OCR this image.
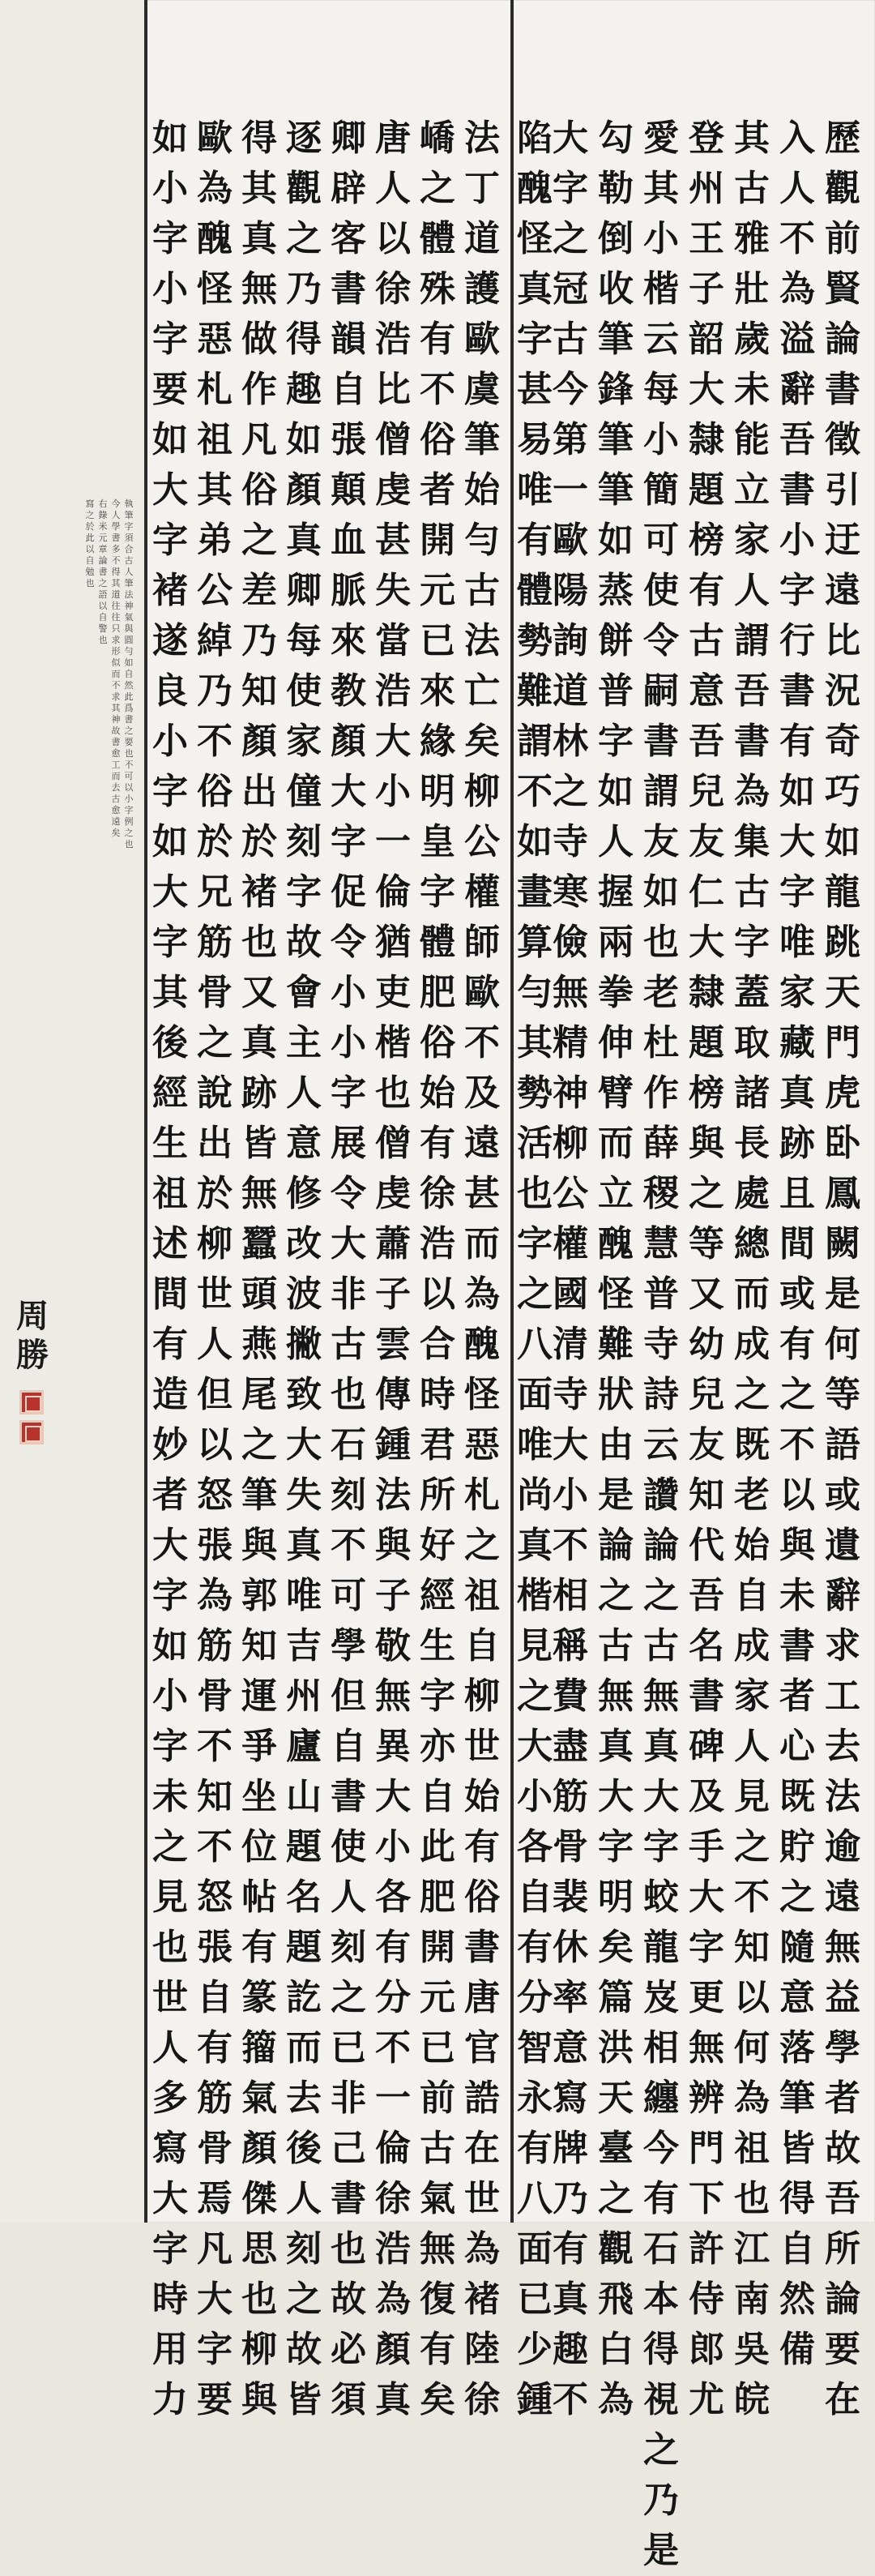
歷
觀
前
賢
論
書
徵
引
迂
遠
比
況
奇
巧
如
龍
跳
天
門
虎
卧
鳳
闕
是
何
等
語
或
遺
辭
求
工
去
法
逾
遠
無
益
學
者
故
吾
所
論
要
在
入
人
不
為
溢
辭
吾
書
小
字
行
書
有
如
大
字
唯
家
藏
真
跡
且
間
或
有
之
不
以
與
未
書
者
心
既
貯
之
隨
意
落
筆
皆
得
自
然
備
其
古
雅
壯
歲
未
能
立
家
人
謂
吾
書
為
集
古
字
蓋
取
諸
長
處
總
而
成
之
既
老
始
自
成
家
人
見
之
不
知
以
何
為
祖
也
江
南
吳
皖
登
州
王
子
韶
大
隸
題
榜
有
古
意
吾
兒
友
仁
大
隸
題
榜
與
之
等
又
幼
兒
友
知
代
吾
名
書
碑
及
手
大
字
更
無
辨
門
下
許
侍
郎
尤
愛
其
小
楷
云
每
小
簡
可
使
令
嗣
書
謂
友
如
也
老
杜
作
薛
稷
慧
普
寺
詩
云
讚
論
之
古
無
真
大
字
蛟
龍
岌
相
纏
今
有
石
本
得
視
之
乃
是
勾
勒
倒
收
筆
鋒
筆
筆
如
蒸
餅
普
字
如
人
握
兩
拳
伸
臂
而
立
醜
怪
難
狀
由
是
論
之
古
無
真
大
字
明
矣
篇
洪
天
臺
之
觀
飛
白
為
大
字
之
冠
古
今
第
一
歐
陽
詢
道
林
之
寺
寒
儉
無
精
神
柳
公
權
國
清
寺
大
小
不
相
稱
費
盡
筋
骨
裴
休
率
意
寫
牌
乃
有
真
趣
不
陷
醜
怪
真
字
甚
易
唯
有
體
勢
難
謂
不
如
畫
算
勻
其
勢
活
也
字
之
八
面
唯
尚
真
楷
見
之
大
小
各
自
有
分
智
永
有
八
面
已
少
鍾
法
丁
道
護
歐
虞
筆
始
勻
古
法
亡
矣
柳
公
權
師
歐
不
及
遠
甚
而
為
醜
怪
惡
札
之
祖
自
柳
世
始
有
俗
書
唐
官
誥
在
世
為
褚
陸
徐
嶠
之
體
殊
有
不
俗
者
開
元
已
來
緣
明
皇
字
體
肥
俗
始
有
徐
浩
以
合
時
君
所
好
經
生
字
亦
自
此
肥
開
元
已
前
古
氣
無
復
有
矣
唐
人
以
徐
浩
比
僧
虔
甚
失
當
浩
大
小
一
倫
猶
吏
楷
也
僧
虔
蕭
子
雲
傳
鍾
法
與
子
敬
無
異
大
小
各
有
分
不
一
倫
徐
浩
為
顏
真
卿
辟
客
書
韻
自
張
顛
血
脈
來
教
顏
大
字
促
令
小
小
字
展
令
大
非
古
也
石
刻
不
可
學
但
自
書
使
人
刻
之
已
非
己
書
也
故
必
須
逐
觀
之
乃
得
趣
如
顏
真
卿
每
使
家
僮
刻
字
故
會
主
人
意
修
改
波
撇
致
大
失
真
唯
吉
州
廬
山
題
名
題
訖
而
去
後
人
刻
之
故
皆
得
其
真
無
做
作
凡
俗
之
差
乃
知
顏
出
於
褚
也
又
真
跡
皆
無
蠶
頭
燕
尾
之
筆
與
郭
知
運
爭
坐
位
帖
有
篆
籀
氣
顏
傑
思
也
柳
與
歐
為
醜
怪
惡
札
祖
其
弟
公
綽
乃
不
俗
於
兄
筋
骨
之
說
出
於
柳
世
人
但
以
怒
張
為
筋
骨
不
知
不
怒
張
自
有
筋
骨
焉
凡
大
字
要
如
小
字
小
字
要
如
大
字
褚
遂
良
小
字
如
大
字
其
後
經
生
祖
述
間
有
造
妙
者
大
字
如
小
字
未
之
見
也
世
人
多
寫
大
字
時
用
力
執
筆
字
須
合
古
人
筆
法
神
氣
與
圓
勻
如
自
然
此
爲
書
之
要
也
不
可
以
小
字
例
之
也
今
人
學
書
多
不
得
其
道
往
往
只
求
形
似
而
不
求
其
神
故
書
愈
工
而
去
古
愈
遠
矣
右
錄
米
元
章
論
書
之
語
以
自
警
也
寫
之
於
此
以
自
勉
也
周
勝
